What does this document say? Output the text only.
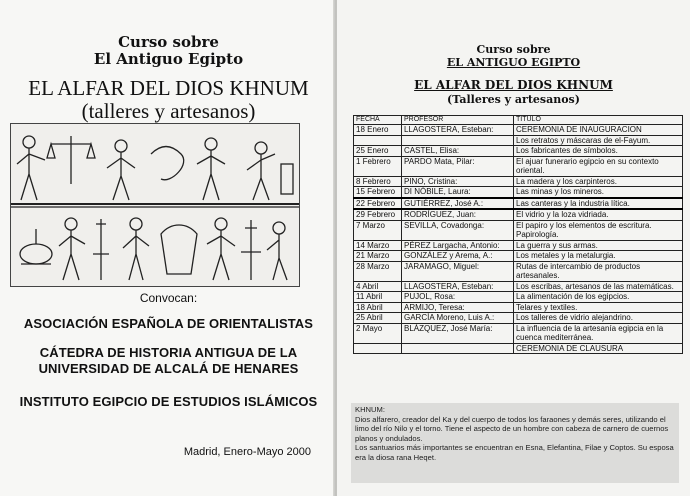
Curso sobre
El Antiguo Egipto
EL ALFAR DEL DIOS KHNUM
(talleres y artesanos)
Convocan:
ASOCIACIÓN ESPAÑOLA DE ORIENTALISTAS
CÁTEDRA DE HISTORIA ANTIGUA DE LA
UNIVERSIDAD DE ALCALÁ DE HENARES
INSTITUTO EGIPCIO DE ESTUDIOS ISLÁMICOS
Madrid, Enero-Mayo 2000
Curso sobre
EL ANTIGUO EGIPTO
EL ALFAR DEL DIOS KHNUM
(Talleres y artesanos)
FECHA	PROFESOR	TÍTULO
18 Enero	LLAGOSTERA, Esteban:	CEREMONIA DE INAUGURACION
		Los retratos y máscaras de el-Fayum.
25 Enero	CASTEL, Elisa:	Los fabricantes de símbolos.
1 Febrero	PARDO Mata, Pilar:	El ajuar funerario egipcio en su contexto oriental.
8 Febrero	PINO, Cristina:	La madera y los carpinteros.
15 Febrero	DI NÓBILE, Laura:	Las minas y los mineros.
22 Febrero	GUTIÉRREZ, José A.:	Las canteras y la industria lítica.
29 Febrero	RODRÍGUEZ, Juan:	El vidrio y la loza vidriada.
7 Marzo	SEVILLA, Covadonga:	El papiro y los elementos de escritura. Papirología.
14 Marzo	PÉREZ Largacha, Antonio:	La guerra y sus armas.
21 Marzo	GONZÁLEZ y Arema, A.:	Los metales y la metalurgia.
28 Marzo	JARAMAGO, Miguel:	Rutas de intercambio de productos artesanales.
4 Abril	LLAGOSTERA, Esteban:	Los escribas, artesanos de las matemáticas.
11 Abril	PUJOL, Rosa:	La alimentación de los egipcios.
18 Abril	ARMIJO, Teresa:	Telares y textiles.
25 Abril	GARCÍA Moreno, Luis A.:	Los talleres de vidrio alejandrino.
2 Mayo	BLÁZQUEZ, José María:	La influencia de la artesanía egipcia en la cuenca mediterránea.
		CEREMONIA DE CLAUSURA
KHNUM:
Dios alfarero, creador del Ka y del cuerpo de todos los faraones y demás seres, utilizando el limo del río Nilo y el torno. Tiene el aspecto de un hombre con cabeza de carnero de cuernos planos y ondulados.
Los santuarios más importantes se encuentran en Esna, Elefantina, Filae y Coptos. Su esposa era la diosa rana Heqet.
